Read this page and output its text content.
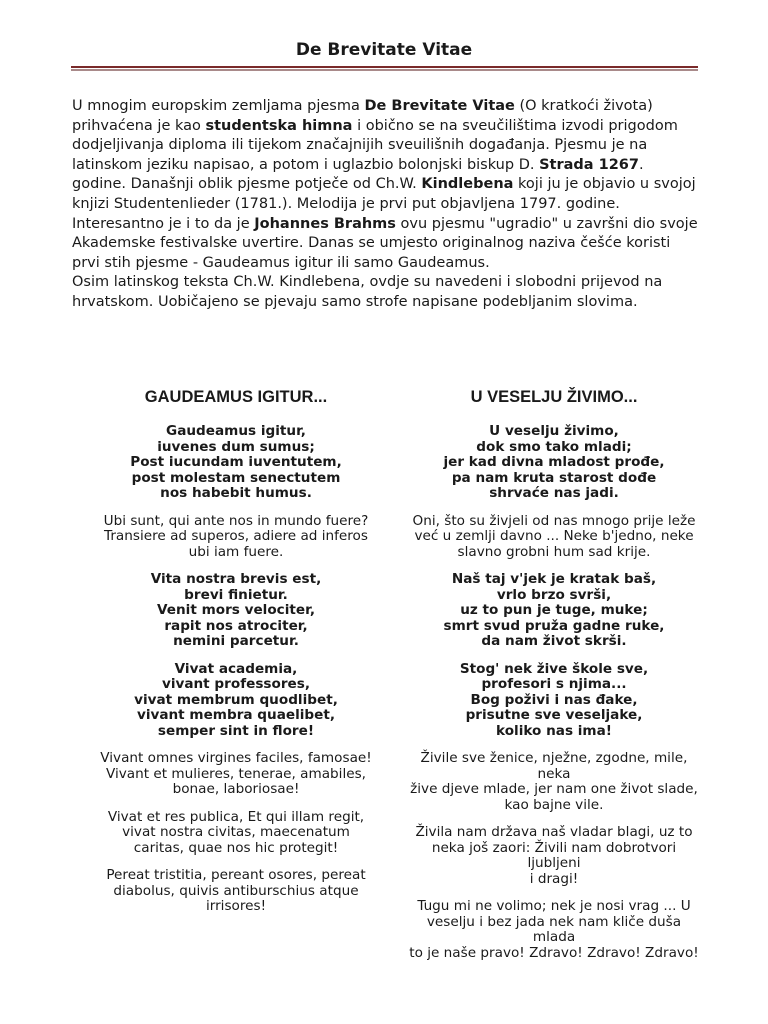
De Brevitate Vitae

U mnogim europskim zemljama pjesma De Brevitate Vitae (O kratkoći života) prihvaćena je kao studentska himna i obično se na sveučilištima izvodi prigodom dodjeljivanja diploma ili tijekom značajnijih sveuilišnih događanja. Pjesmu je na latinskom jeziku napisao, a potom i uglazbio bolonjski biskup D. Strada 1267. godine. Današnji oblik pjesme potječe od Ch.W. Kindlebena koji ju je objavio u svojoj knjizi Studentenlieder (1781.). Melodija je prvi put objavljena 1797. godine. Interesantno je i to da je Johannes Brahms ovu pjesmu "ugradio" u završni dio svoje Akademske festivalske uvertire. Danas se umjesto originalnog naziva češće koristi prvi stih pjesme - Gaudeamus igitur ili samo Gaudeamus.

Osim latinskog teksta Ch.W. Kindlebena, ovdje su navedeni i slobodni prijevod na hrvatskom. Uobičajeno se pjevaju samo strofe napisane podebljanim slovima.

GAUDEAMUS IGITUR...
Gaudeamus igitur,
iuvenes dum sumus;
Post iucundam iuventutem,
post molestam senectutem
nos habebit humus.
Ubi sunt, qui ante nos in mundo fuere?
Transiere ad superos, adiere ad inferos
ubi iam fuere.
Vita nostra brevis est,
brevi finietur.
Venit mors velociter,
rapit nos atrociter,
nemini parcetur.
Vivat academia,
vivant professores,
vivat membrum quodlibet,
vivant membra quaelibet,
semper sint in flore!
Vivant omnes virgines faciles, famosae!
Vivant et mulieres, tenerae, amabiles,
bonae, laboriosae!
Vivat et res publica, Et qui illam regit,
vivat nostra civitas, maecenatum
caritas, quae nos hic protegit!
Pereat tristitia, pereant osores, pereat
diabolus, quivis antiburschius atque
irrisores!
U VESELJU ŽIVIMO...
U veselju živimo,
dok smo tako mladi;
jer kad divna mladost prođe,
pa nam kruta starost dođe
shrvaće nas jadi.
Oni, što su živjeli od nas mnogo prije leže
već u zemlji davno ... Neke b'jedno, neke
slavno grobni hum sad krije.
Naš taj v'jek je kratak baš,
vrlo brzo svrši,
uz to pun je tuge, muke;
smrt svud pruža gadne ruke,
da nam život skrši.
Stog' nek žive škole sve,
profesori s njima...
Bog poživi i nas đake,
prisutne sve veseljake,
koliko nas ima!
Živile sve ženice, nježne, zgodne, mile, neka
žive djeve mlade, jer nam one život slade,
kao bajne vile.
Živila nam država naš vladar blagi, uz to
neka još zaori: Živili nam dobrotvori ljubljeni
i dragi!
Tugu mi ne volimo; nek je nosi vrag ... U
veselju i bez jada nek nam kliče duša mlada
to je naše pravo! Zdravo! Zdravo! Zdravo!
